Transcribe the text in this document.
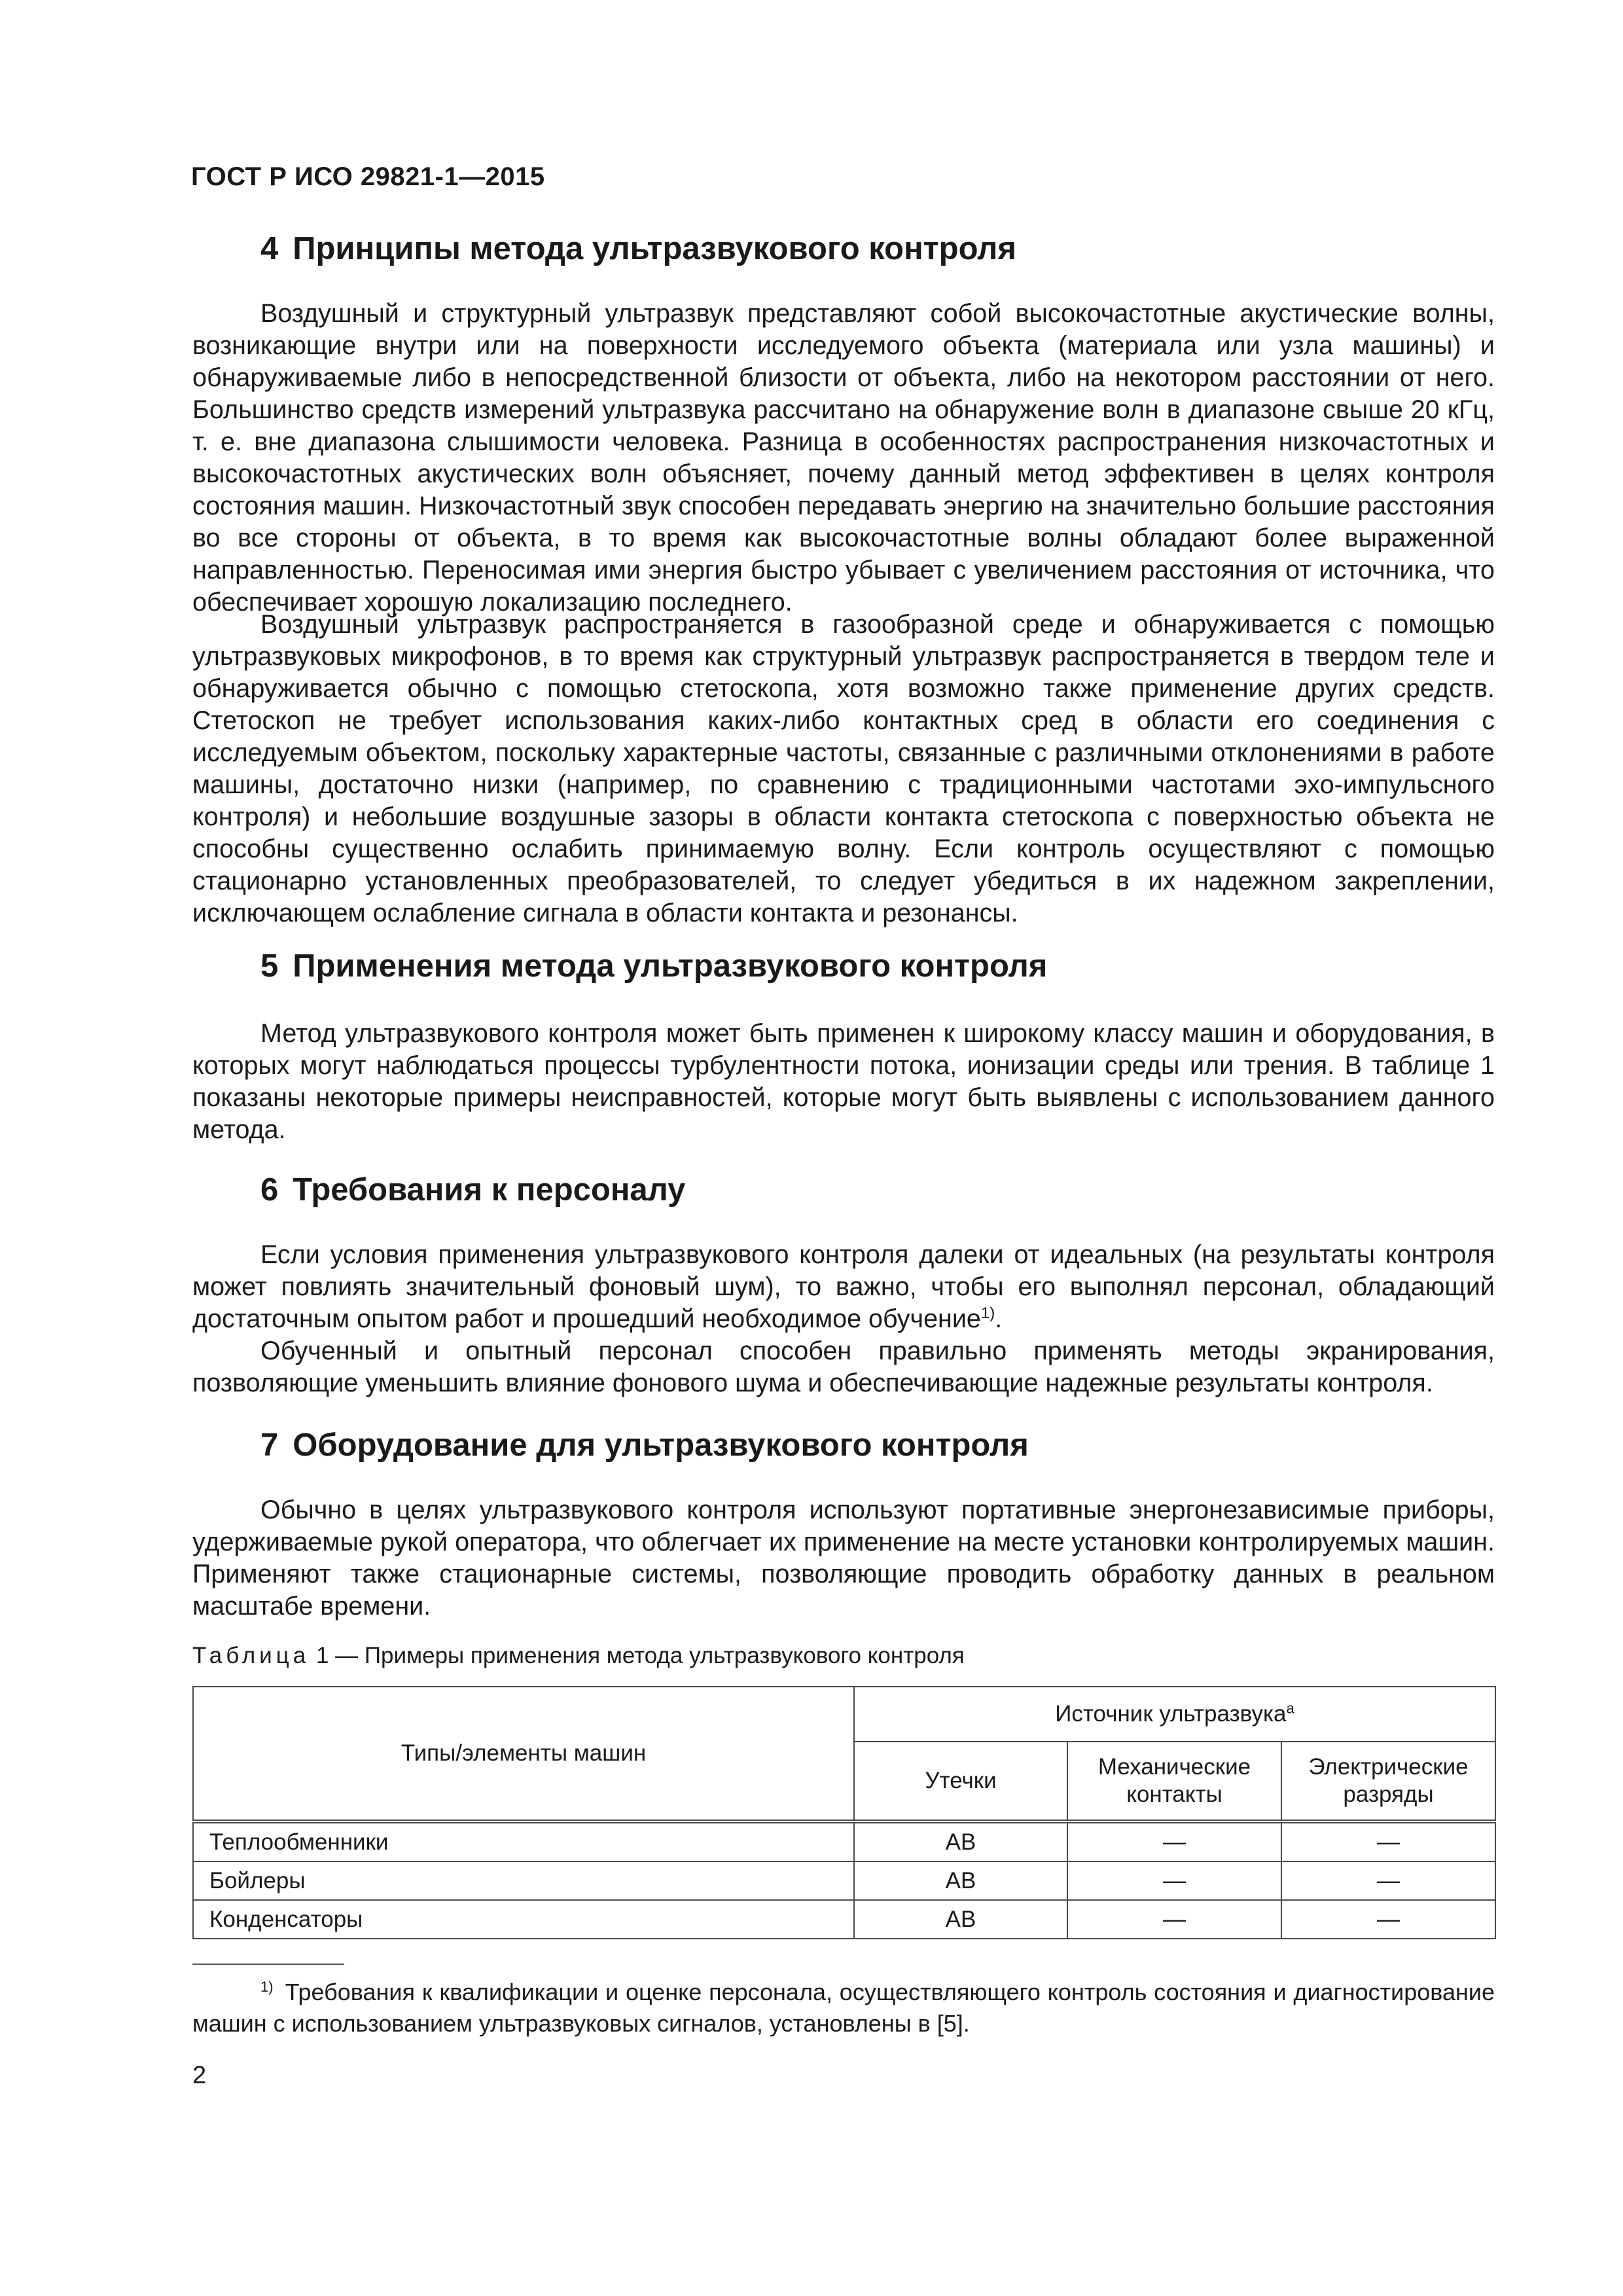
ГОСТ Р ИСО 29821-1—2015
4 Принципы метода ультразвукового контроля

Воздушный и структурный ультразвук представляют собой высокочастотные акустические волны, возникающие внутри или на поверхности исследуемого объекта (материала или узла машины) и обнаруживаемые либо в непосредственной близости от объекта, либо на некотором расстоянии от него. Большинство средств измерений ультразвука рассчитано на обнаружение волн в диапазоне свыше 20 кГц, т. е. вне диапазона слышимости человека. Разница в особенностях распространения низкочастотных и высокочастотных акустических волн объясняет, почему данный метод эффективен в целях контроля состояния машин. Низкочастотный звук способен передавать энергию на значительно большие расстояния во все стороны от объекта, в то время как высокочастотные волны обладают более выраженной направленностью. Переносимая ими энергия быстро убывает с увеличением расстояния от источника, что обеспечивает хорошую локализацию последнего.

Воздушный ультразвук распространяется в газообразной среде и обнаруживается с помощью ультразвуковых микрофонов, в то время как структурный ультразвук распространяется в твердом теле и обнаруживается обычно с помощью стетоскопа, хотя возможно также применение других средств. Стетоскоп не требует использования каких-либо контактных сред в области его соединения с исследуемым объектом, поскольку характерные частоты, связанные с различными отклонениями в работе машины, достаточно низки (например, по сравнению с традиционными частотами эхо-импульсного контроля) и небольшие воздушные зазоры в области контакта стетоскопа с поверхностью объекта не способны существенно ослабить принимаемую волну. Если контроль осуществляют с помощью стационарно установленных преобразователей, то следует убедиться в их надежном закреплении, исключающем ослабление сигнала в области контакта и резонансы.

5 Применения метода ультразвукового контроля

Метод ультразвукового контроля может быть применен к широкому классу машин и оборудования, в которых могут наблюдаться процессы турбулентности потока, ионизации среды или трения. В таблице 1 показаны некоторые примеры неисправностей, которые могут быть выявлены с использованием данного метода.

6 Требования к персоналу

Если условия применения ультразвукового контроля далеки от идеальных (на результаты контроля может повлиять значительный фоновый шум), то важно, чтобы его выполнял персонал, обладающий достаточным опытом работ и прошедший необходимое обучение$^{1)}$.

Обученный и опытный персонал способен правильно применять методы экранирования, позволяющие уменьшить влияние фонового шума и обеспечивающие надежные результаты контроля.

7 Оборудование для ультразвукового контроля

Обычно в целях ультразвукового контроля используют портативные энергонезависимые приборы, удерживаемые рукой оператора, что облегчает их применение на месте установки контролируемых машин. Применяют также стационарные системы, позволяющие проводить обработку данных в реальном масштабе времени.

Таблица 1 — Примеры применения метода ультразвукового контроля
Типы/элементы машин	Источник ультразвука$^a$
	Утечки	Механические контакты	Электрические разряды
Теплообменники	АВ	—	—
Бойлеры	АВ	—	—
Конденсаторы	АВ	—	—

$^{1)}$ Требования к квалификации и оценке персонала, осуществляющего контроль состояния и диагностирование машин с использованием ультразвуковых сигналов, установлены в [5].

2
